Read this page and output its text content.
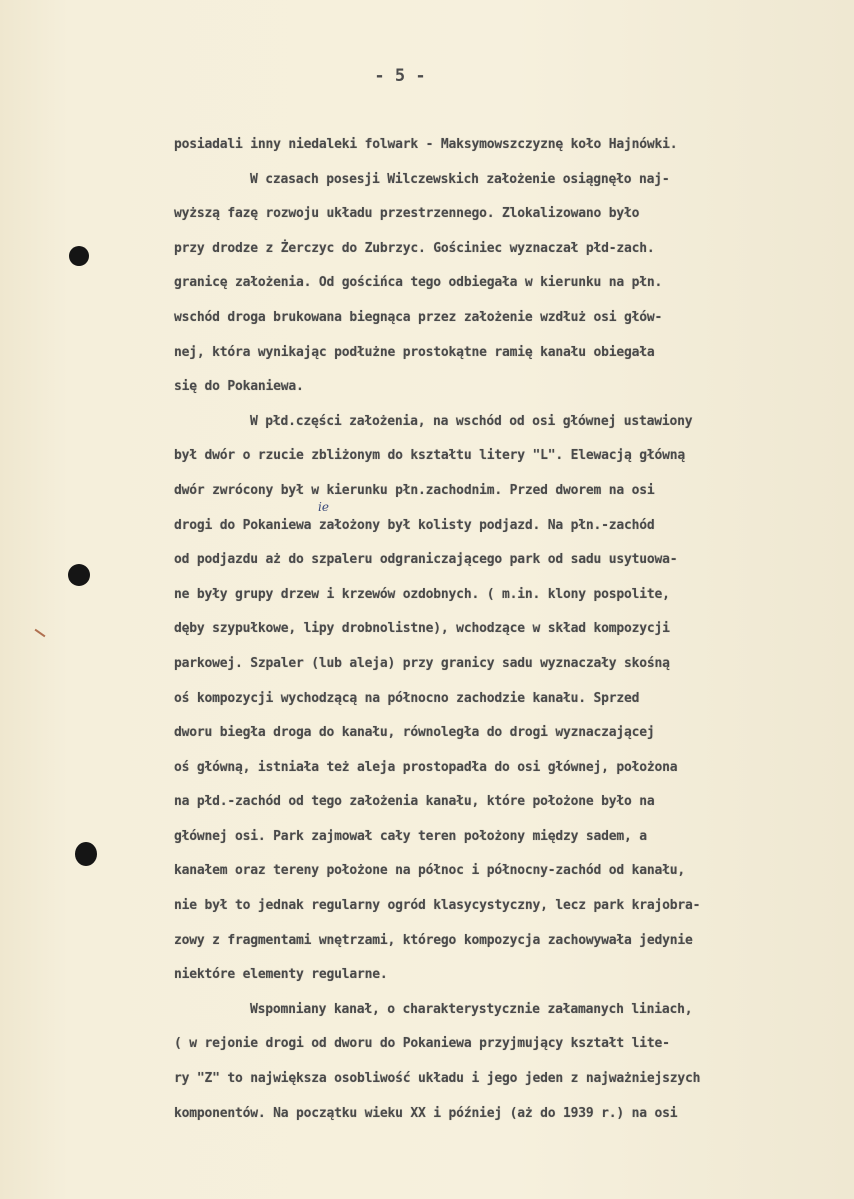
- 5 -
posiadali inny niedaleki folwark - Maksymowszczyznę koło Hajnówki.
W czasach posesji Wilczewskich założenie osiągnęło naj-
wyższą fazę rozwoju układu przestrzennego. Zlokalizowano było
przy drodze z Żerczyc do Zubrzyc. Gościniec wyznaczał płd-zach.
granicę założenia. Od gościńca tego odbiegała w kierunku na płn.
wschód droga brukowana biegnąca przez założenie wzdłuż osi głów-
nej, która wynikając podłużne prostokątne ramię kanału obiegała
się do Pokaniewa.
W płd.części założenia, na wschód od osi głównej ustawiony
był dwór o rzucie zbliżonym do kształtu litery "L". Elewacją główną
dwór zwrócony był w kierunku płn.zachodnim. Przed dworem na osi
drogi do Pokaniewa założony był kolisty podjazd. Na płn.-zachód
od podjazdu aż do szpaleru odgraniczającego park od sadu usytuowa-
ne były grupy drzew i krzewów ozdobnych. ( m.in. klony pospolite,
dęby szypułkowe, lipy drobnolistne), wchodzące w skład kompozycji
parkowej. Szpaler (lub aleja) przy granicy sadu wyznaczały skośną
oś kompozycji wychodzącą na północno zachodzie kanału. Sprzed
dworu biegła droga do kanału, równoległa do drogi wyznaczającej
oś główną, istniała też aleja prostopadła do osi głównej, położona
na płd.-zachód od tego założenia kanału, które położone było na
głównej osi. Park zajmował cały teren położony między sadem, a
kanałem oraz tereny położone na północ i północny-zachód od kanału,
nie był to jednak regularny ogród klasycystyczny, lecz park krajobra-
zowy z fragmentami wnętrzami, którego kompozycja zachowywała jedynie
niektóre elementy regularne.
Wspomniany kanał, o charakterystycznie załamanych liniach,
( w rejonie drogi od dworu do Pokaniewa przyjmujący kształt lite-
ry "Z" to największa osobliwość układu i jego jeden z najważniejszych
komponentów. Na początku wieku XX i później (aż do 1939 r.) na osi
ie
